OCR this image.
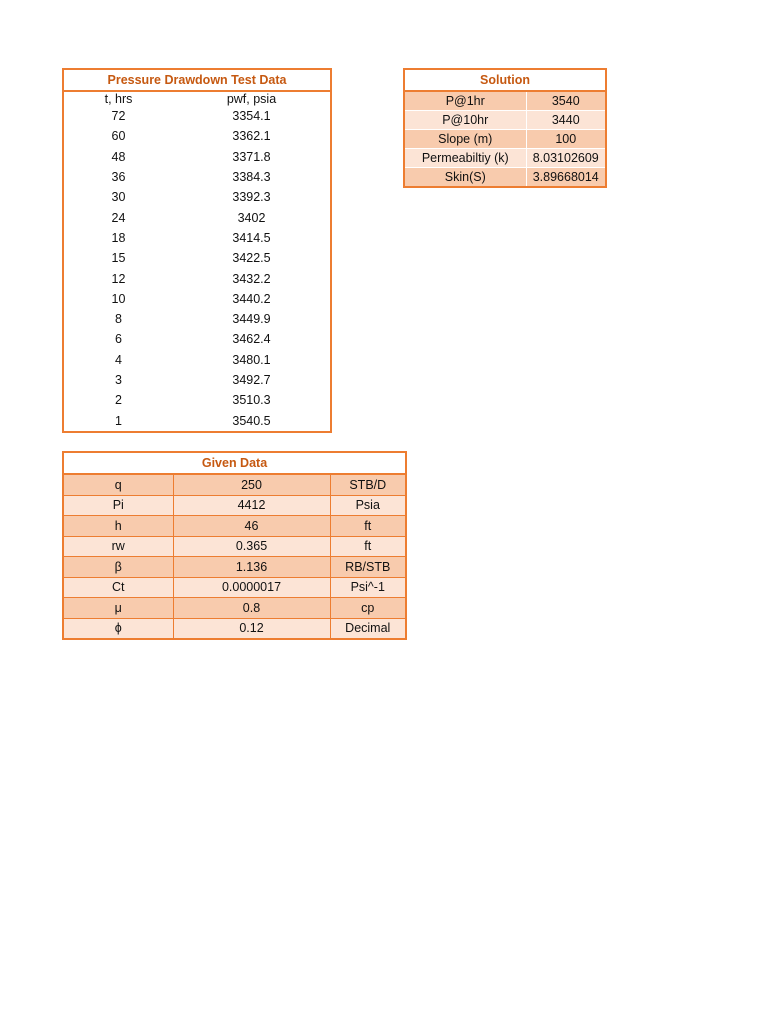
Pressure Drawdown Test Data	
t, hrs	pwf, psia
72	3354.1
60	3362.1
48	3371.8
36	3384.3
30	3392.3
24	3402
18	3414.5
15	3422.5
12	3432.2
10	3440.2
8	3449.9
6	3462.4
4	3480.1
3	3492.7
2	3510.3
1	3540.5
Solution	
P@1hr	3540
P@10hr	3440
Slope (m)	100
Permeabiltiy (k)	8.03102609
Skin(S)	3.89668014
Given Data		
q	250	STB/D
Pi	4412	Psia
h	46	ft
rw	0.365	ft
β	1.136	RB/STB
Ct	0.0000017	Psi^-1
μ	0.8	cp
ϕ	0.12	Decimal
